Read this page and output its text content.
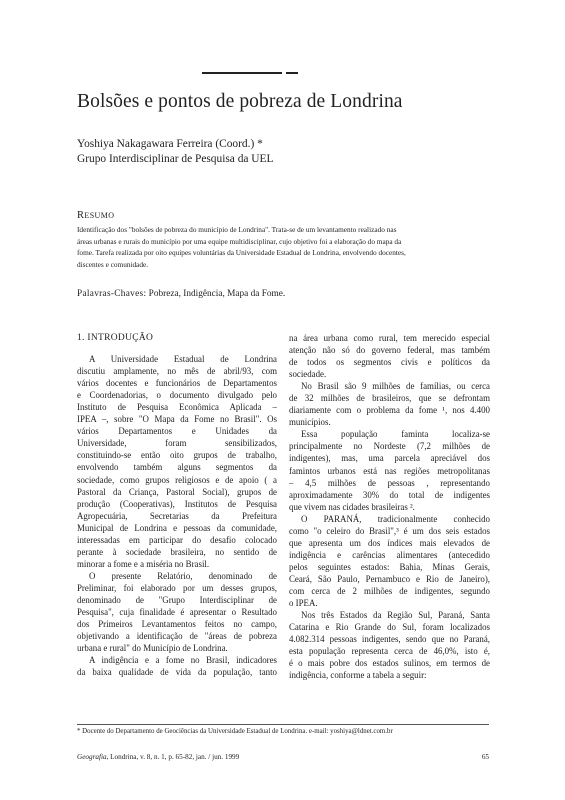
Bolsões e pontos de pobreza de Londrina
Yoshiya Nakagawara Ferreira (Coord.) *
Grupo Interdisciplinar de Pesquisa da UEL
RESUMO
Identificação dos "bolsões de pobreza do município de Londrina". Trata-se de um levantamento realizado nas
áreas urbanas e rurais do município por uma equipe multidisciplinar, cujo objetivo foi a elaboração do mapa da
fome. Tarefa realizada por oito equipes voluntárias da Universidade Estadual de Londrina, envolvendo docentes,
discentes e comunidade.
Palavras-Chaves: Pobreza, Indigência, Mapa da Fome.
1. INTRODUÇÃO
A Universidade Estadual de Londrina
discutiu amplamente, no mês de abril/93, com
vários docentes e funcionários de Departamentos
e Coordenadorias, o documento divulgado pelo
Instituto de Pesquisa Econômica Aplicada –
IPEA –, sobre "O Mapa da Fome no Brasil". Os
vários Departamentos e Unidades da
Universidade, foram sensibilizados,
constituindo-se então oito grupos de trabalho,
envolvendo também alguns segmentos da
sociedade, como grupos religiosos e de apoio ( a
Pastoral da Criança, Pastoral Social), grupos de
produção (Cooperativas), Institutos de Pesquisa
Agropecuária, Secretarias da Prefeitura
Municipal de Londrina e pessoas da comunidade,
interessadas em participar do desafio colocado
perante à sociedade brasileira, no sentido de
minorar a fome e a miséria no Brasil.
O presente Relatório, denominado de
Preliminar, foi elaborado por um desses grupos,
denominado de "Grupo Interdisciplinar de
Pesquisa", cuja finalidade é apresentar o Resultado
dos Primeiros Levantamentos feitos no campo,
objetivando a identificação de "áreas de pobreza
urbana e rural" do Município de Londrina.
A indigência e a fome no Brasil, indicadores
da baixa qualidade de vida da população, tanto
na área urbana como rural, tem merecido especial
atenção não só do governo federal, mas também
de todos os segmentos civis e políticos da
sociedade.
No Brasil são 9 milhões de famílias, ou cerca
de 32 milhões de brasileiros, que se defrontam
diariamente com o problema da fome ¹, nos 4.400
municípios.
Essa população faminta localiza-se
principalmente no Nordeste (7,2 milhões de
indigentes), mas, uma parcela apreciável dos
famintos urbanos está nas regiões metropolitanas
– 4,5 milhões de pessoas , representando
aproximadamente 30% do total de indigentes
que vivem nas cidades brasileiras ².
O PARANÁ, tradicionalmente conhecido
como "o celeiro do Brasil",³ é um dos seis estados
que apresenta um dos índices mais elevados de
indigência e carências alimentares (antecedido
pelos seguintes estados: Bahia, Minas Gerais,
Ceará, São Paulo, Pernambuco e Rio de Janeiro),
com cerca de 2 milhões de indigentes, segundo
o IPEA.
Nos três Estados da Região Sul, Paraná, Santa
Catarina e Rio Grande do Sul, foram localizados
4.082.314 pessoas indigentes, sendo que no Paraná,
esta população representa cerca de 46,0%, isto é,
é o mais pobre dos estados sulinos, em termos de
indigência, conforme a tabela a seguir:
* Docente do Departamento de Geociências da Universidade Estadual de Londrina. e-mail: yoshiya@ldnet.com.br
Geografia, Londrina, v. 8, n. 1, p. 65-82, jan. / jun. 1999	65
